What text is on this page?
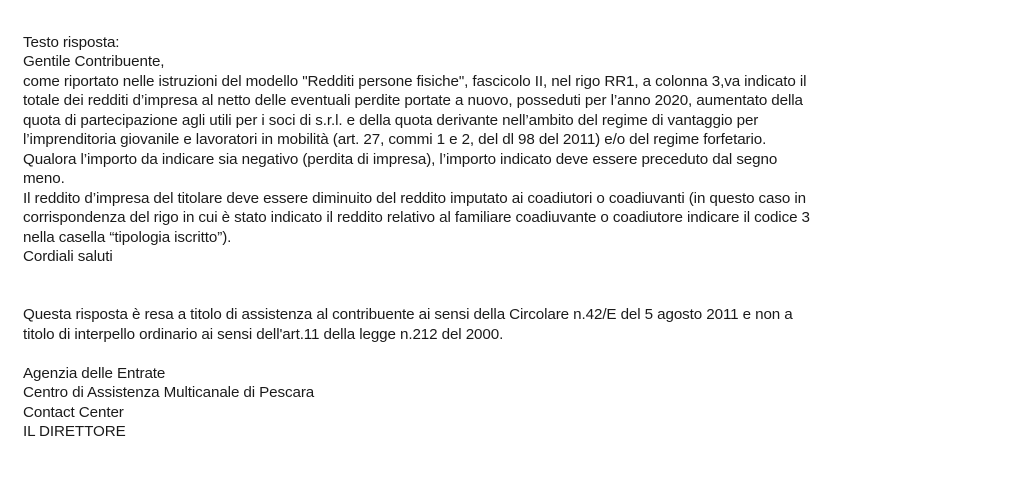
Testo risposta:
Gentile Contribuente,
come riportato nelle istruzioni del modello "Redditi persone fisiche", fascicolo II, nel rigo RR1, a colonna 3,va indicato il
totale dei redditi d’impresa al netto delle eventuali perdite portate a nuovo, posseduti per l’anno 2020, aumentato della
quota di partecipazione agli utili per i soci di s.r.l. e della quota derivante nell’ambito del regime di vantaggio per
l’imprenditoria giovanile e lavoratori in mobilità (art. 27, commi 1 e 2, del dl 98 del 2011) e/o del regime forfetario.
Qualora l’importo da indicare sia negativo (perdita di impresa), l’importo indicato deve essere preceduto dal segno
meno.
Il reddito d’impresa del titolare deve essere diminuito del reddito imputato ai coadiutori o coadiuvanti (in questo caso in
corrispondenza del rigo in cui è stato indicato il reddito relativo al familiare coadiuvante o coadiutore indicare il codice 3
nella casella “tipologia iscritto”).
Cordiali saluti
Questa risposta è resa a titolo di assistenza al contribuente ai sensi della Circolare n.42/E del 5 agosto 2011 e non a
titolo di interpello ordinario ai sensi dell'art.11 della legge n.212 del 2000.
Agenzia delle Entrate
Centro di Assistenza Multicanale di Pescara
Contact Center
IL DIRETTORE
